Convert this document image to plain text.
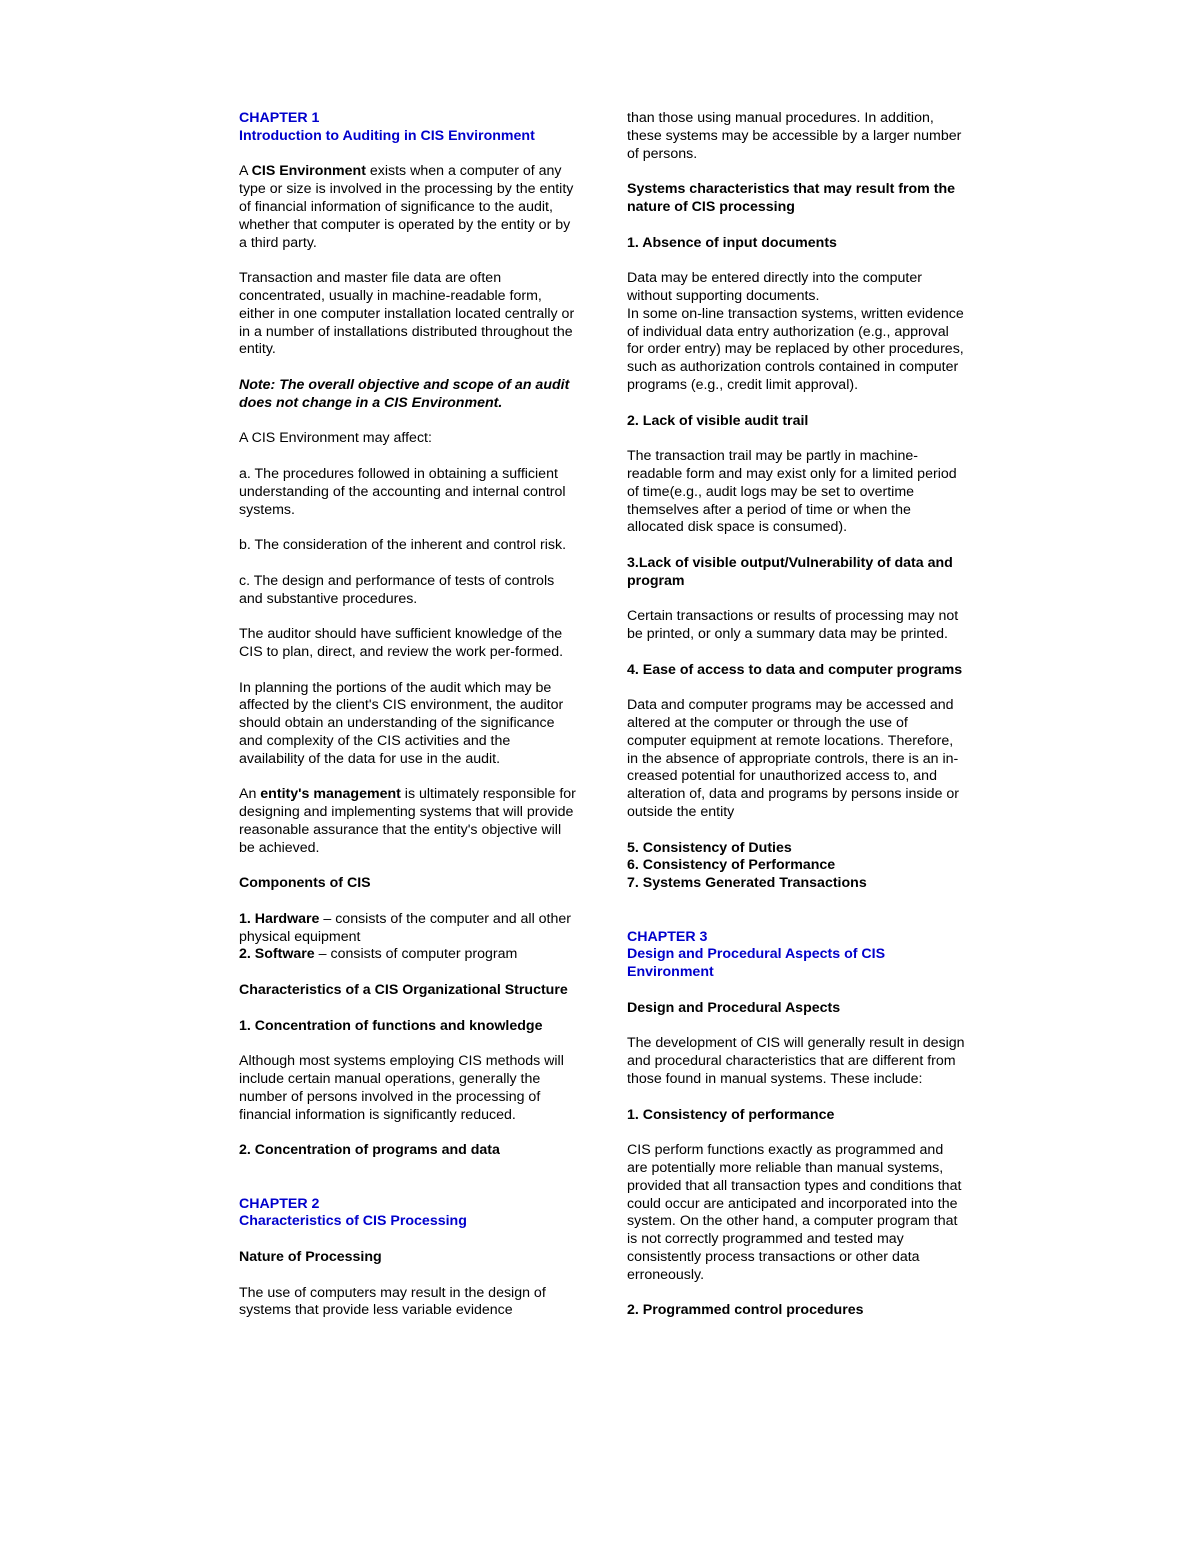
CHAPTER 1
Introduction to Auditing in CIS Environment

A CIS Environment exists when a computer of any type or size is involved in the processing by the entity of financial information of significance to the audit, whether that computer is operated by the entity or by a third party.

Transaction and master file data are often concentrated, usually in machine-readable form, either in one computer installation located centrally or in a number of installations distributed throughout the entity.

Note: The overall objective and scope of an audit does not change in a CIS Environment.

A CIS Environment may affect:

a. The procedures followed in obtaining a sufficient understanding of the accounting and internal control systems.

b. The consideration of the inherent and control risk.

c. The design and performance of tests of controls and substantive procedures.

The auditor should have sufficient knowledge of the CIS to plan, direct, and review the work per-formed.

In planning the portions of the audit which may be affected by the client's CIS environment, the auditor should obtain an understanding of the significance and complexity of the CIS activities and the availability of the data for use in the audit.

An entity's management is ultimately responsible for designing and implementing systems that will provide reasonable assurance that the entity's objective will be achieved.

Components of CIS

1. Hardware – consists of the computer and all other physical equipment
2. Software – consists of computer program

Characteristics of a CIS Organizational Structure

1. Concentration of functions and knowledge

Although most systems employing CIS methods will include certain manual operations, generally the number of persons involved in the processing of financial information is significantly reduced.

2. Concentration of programs and data

CHAPTER 2
Characteristics of CIS Processing

Nature of Processing

The use of computers may result in the design of systems that provide less variable evidence

than those using manual procedures. In addition, these systems may be accessible by a larger number of persons.

Systems characteristics that may result from the nature of CIS processing

1. Absence of input documents

Data may be entered directly into the computer without supporting documents.
In some on-line transaction systems, written evidence of individual data entry authorization (e.g., approval for order entry) may be replaced by other procedures, such as authorization controls contained in computer programs (e.g., credit limit approval).

2. Lack of visible audit trail

The transaction trail may be partly in machine-readable form and may exist only for a limited period of time(e.g., audit logs may be set to overtime themselves after a period of time or when the allocated disk space is consumed).

3.Lack of visible output/Vulnerability of data and program

Certain transactions or results of processing may not be printed, or only a summary data may be printed.

4. Ease of access to data and computer programs

Data and computer programs may be accessed and altered at the computer or through the use of computer equipment at remote locations. Therefore, in the absence of appropriate controls, there is an in-creased potential for unauthorized access to, and alteration of, data and programs by persons inside or outside the entity

5. Consistency of Duties
6. Consistency of Performance
7. Systems Generated Transactions

CHAPTER 3
Design and Procedural Aspects of CIS Environment

Design and Procedural Aspects

The development of CIS will generally result in design and procedural characteristics that are different from those found in manual systems. These include:

1. Consistency of performance

CIS perform functions exactly as programmed and are potentially more reliable than manual systems, provided that all transaction types and conditions that could occur are anticipated and incorporated into the system. On the other hand, a computer program that is not correctly programmed and tested may consistently process transactions or other data erroneously.

2. Programmed control procedures
